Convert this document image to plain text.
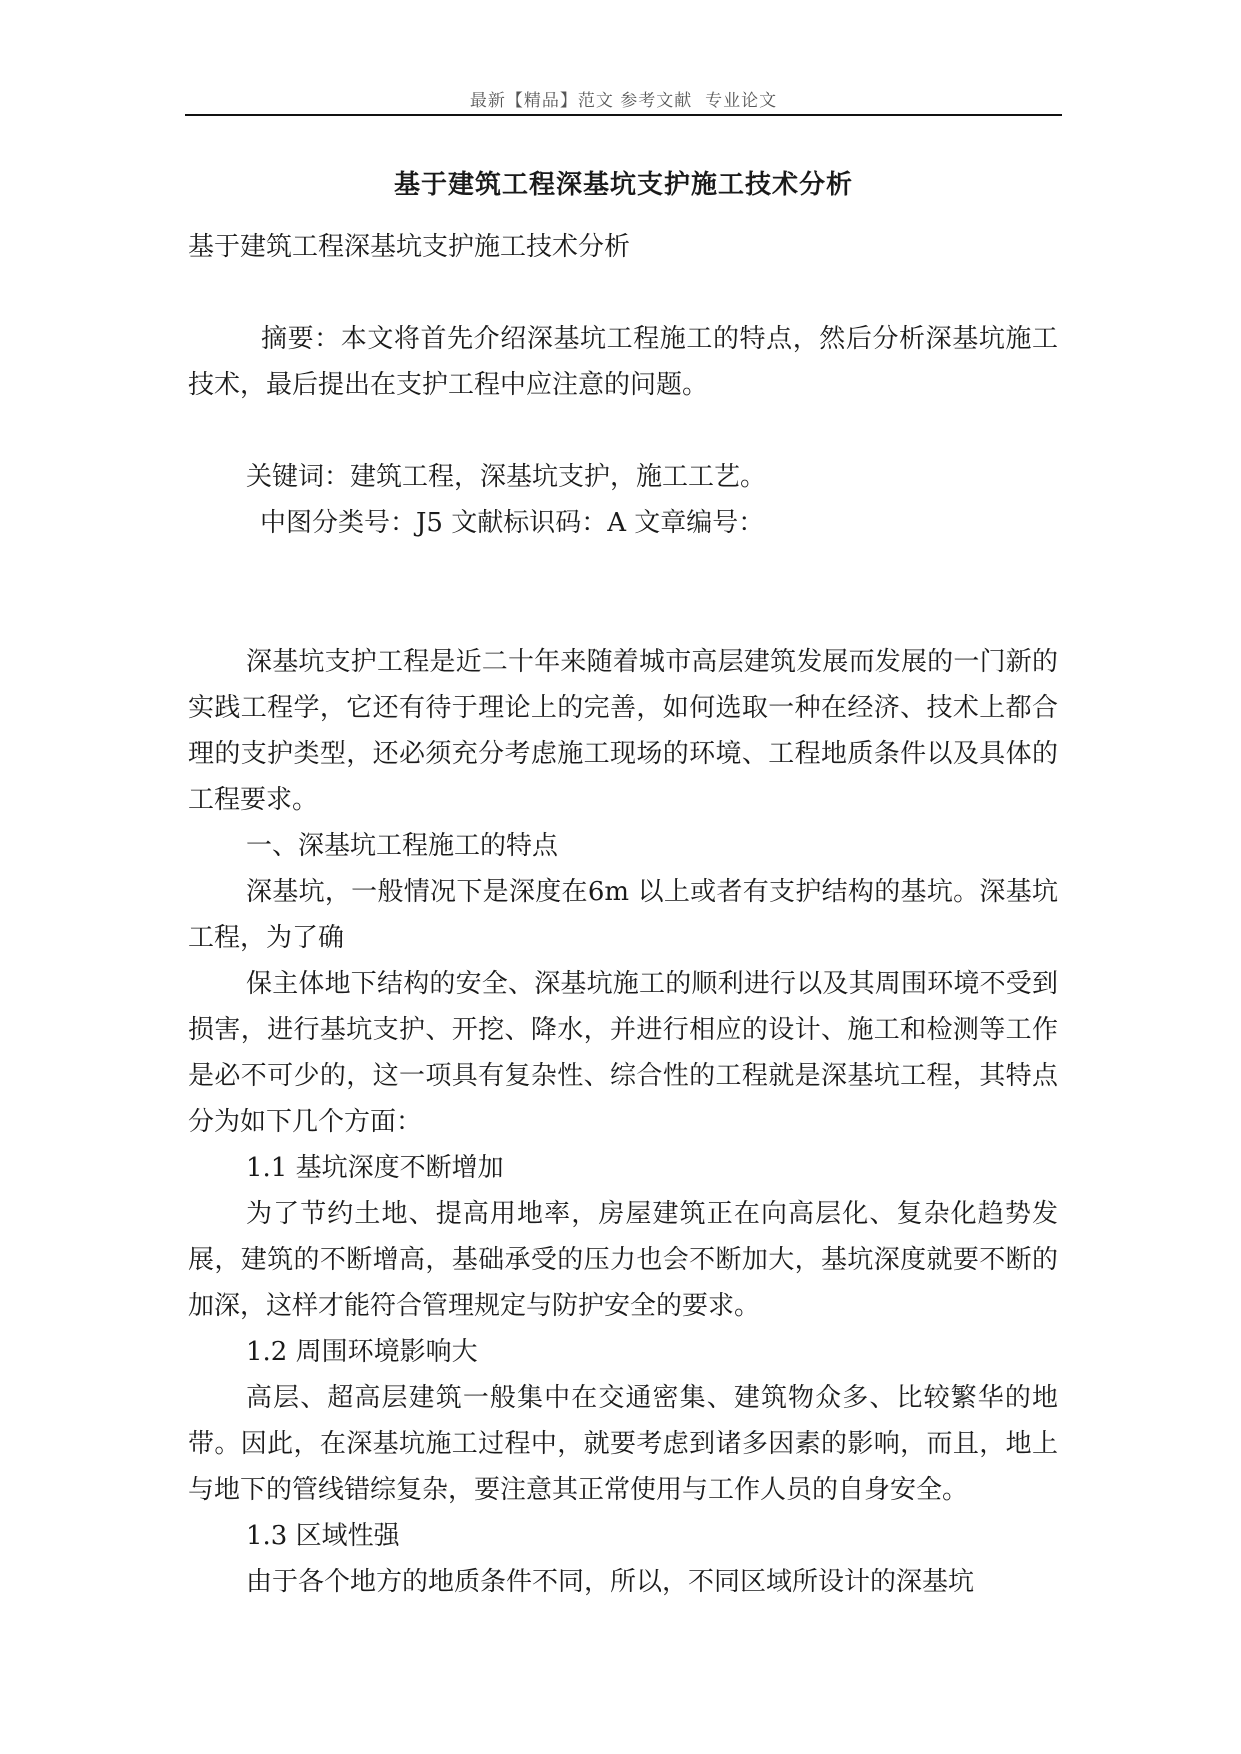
最新【精品】范文 参考文献  专业论文
基于建筑工程深基坑支护施工技术分析

基于建筑工程深基坑支护施工技术分析

摘要：本文将首先介绍深基坑工程施工的特点，然后分析深基坑施工技术，最后提出在支护工程中应注意的问题。

关键词：建筑工程，深基坑支护，施工工艺。

中图分类号：J5 文献标识码：A 文章编号：

深基坑支护工程是近二十年来随着城市高层建筑发展而发展的一门新的实践工程学，它还有待于理论上的完善，如何选取一种在经济、技术上都合理的支护类型，还必须充分考虑施工现场的环境、工程地质条件以及具体的工程要求。

一、深基坑工程施工的特点

深基坑，一般情况下是深度在6m 以上或者有支护结构的基坑。深基坑工程，为了确

保主体地下结构的安全、深基坑施工的顺利进行以及其周围环境不受到损害，进行基坑支护、开挖、降水，并进行相应的设计、施工和检测等工作是必不可少的，这一项具有复杂性、综合性的工程就是深基坑工程，其特点分为如下几个方面：

1.1 基坑深度不断增加

为了节约土地、提高用地率，房屋建筑正在向高层化、复杂化趋势发展，建筑的不断增高，基础承受的压力也会不断加大，基坑深度就要不断的加深，这样才能符合管理规定与防护安全的要求。

1.2 周围环境影响大

高层、超高层建筑一般集中在交通密集、建筑物众多、比较繁华的地带。因此，在深基坑施工过程中，就要考虑到诸多因素的影响，而且，地上与地下的管线错综复杂，要注意其正常使用与工作人员的自身安全。

1.3 区域性强

由于各个地方的地质条件不同，所以，不同区域所设计的深基坑
